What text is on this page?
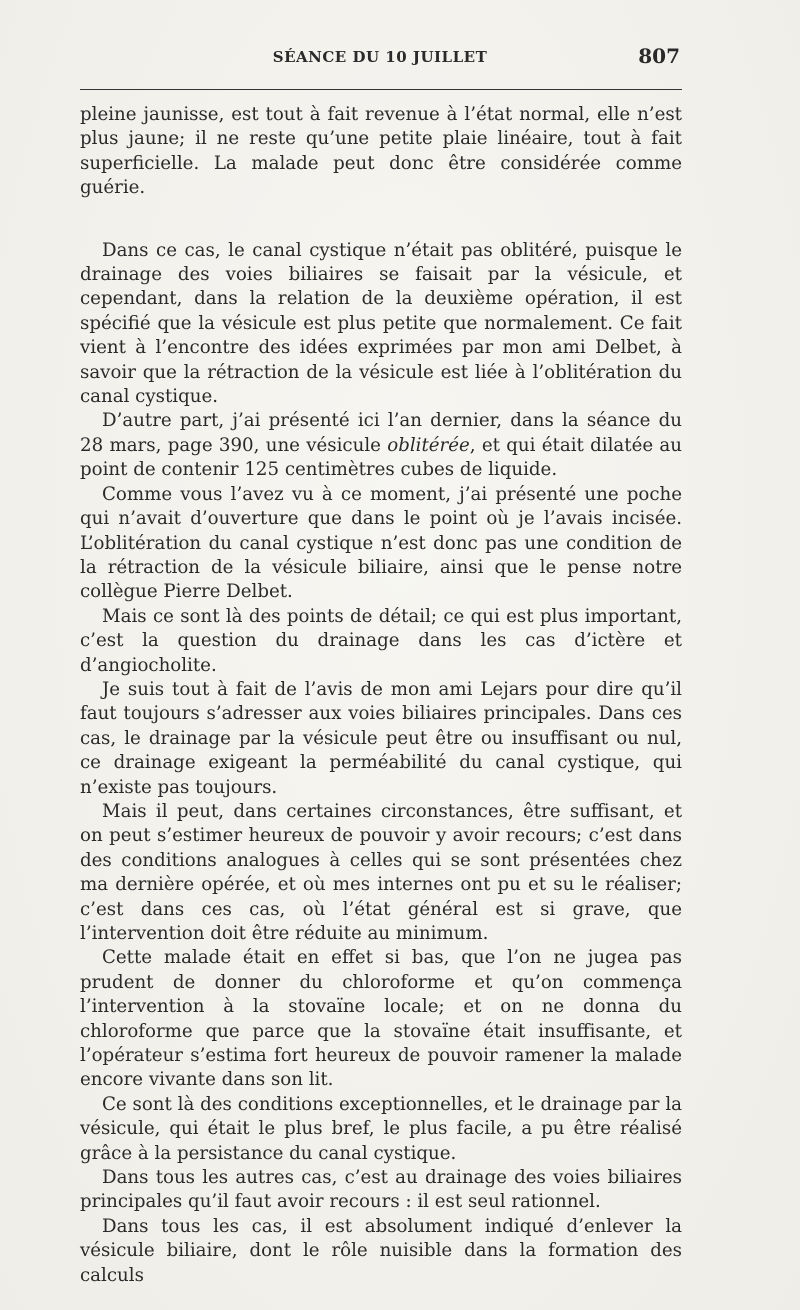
SÉANCE DU 10 JUILLET	807

pleine jaunisse, est tout à fait revenue à l’état normal, elle n’est plus jaune; il ne reste qu’une petite plaie linéaire, tout à fait superficielle. La malade peut donc être considérée comme guérie.

Dans ce cas, le canal cystique n’était pas oblitéré, puisque le drainage des voies biliaires se faisait par la vésicule, et cependant, dans la relation de la deuxième opération, il est spécifié que la vésicule est plus petite que normalement. Ce fait vient à l’encontre des idées exprimées par mon ami Delbet, à savoir que la rétraction de la vésicule est liée à l’oblitération du canal cystique.

D’autre part, j’ai présenté ici l’an dernier, dans la séance du 28 mars, page 390, une vésicule oblitérée, et qui était dilatée au point de contenir 125 centimètres cubes de liquide.

Comme vous l’avez vu à ce moment, j’ai présenté une poche qui n’avait d’ouverture que dans le point où je l’avais incisée. L’oblitération du canal cystique n’est donc pas une condition de la rétraction de la vésicule biliaire, ainsi que le pense notre collègue Pierre Delbet.

Mais ce sont là des points de détail; ce qui est plus important, c’est la question du drainage dans les cas d’ictère et d’angiocholite.

Je suis tout à fait de l’avis de mon ami Lejars pour dire qu’il faut toujours s’adresser aux voies biliaires principales. Dans ces cas, le drainage par la vésicule peut être ou insuffisant ou nul, ce drainage exigeant la perméabilité du canal cystique, qui n’existe pas toujours.

Mais il peut, dans certaines circonstances, être suffisant, et on peut s’estimer heureux de pouvoir y avoir recours; c’est dans des conditions analogues à celles qui se sont présentées chez ma dernière opérée, et où mes internes ont pu et su le réaliser; c’est dans ces cas, où l’état général est si grave, que l’intervention doit être réduite au minimum.

Cette malade était en effet si bas, que l’on ne jugea pas prudent de donner du chloroforme et qu’on commença l’intervention à la stovaïne locale; et on ne donna du chloroforme que parce que la stovaïne était insuffisante, et l’opérateur s’estima fort heureux de pouvoir ramener la malade encore vivante dans son lit.

Ce sont là des conditions exceptionnelles, et le drainage par la vésicule, qui était le plus bref, le plus facile, a pu être réalisé grâce à la persistance du canal cystique.

Dans tous les autres cas, c’est au drainage des voies biliaires principales qu’il faut avoir recours : il est seul rationnel.

Dans tous les cas, il est absolument indiqué d’enlever la vésicule biliaire, dont le rôle nuisible dans la formation des calculs
